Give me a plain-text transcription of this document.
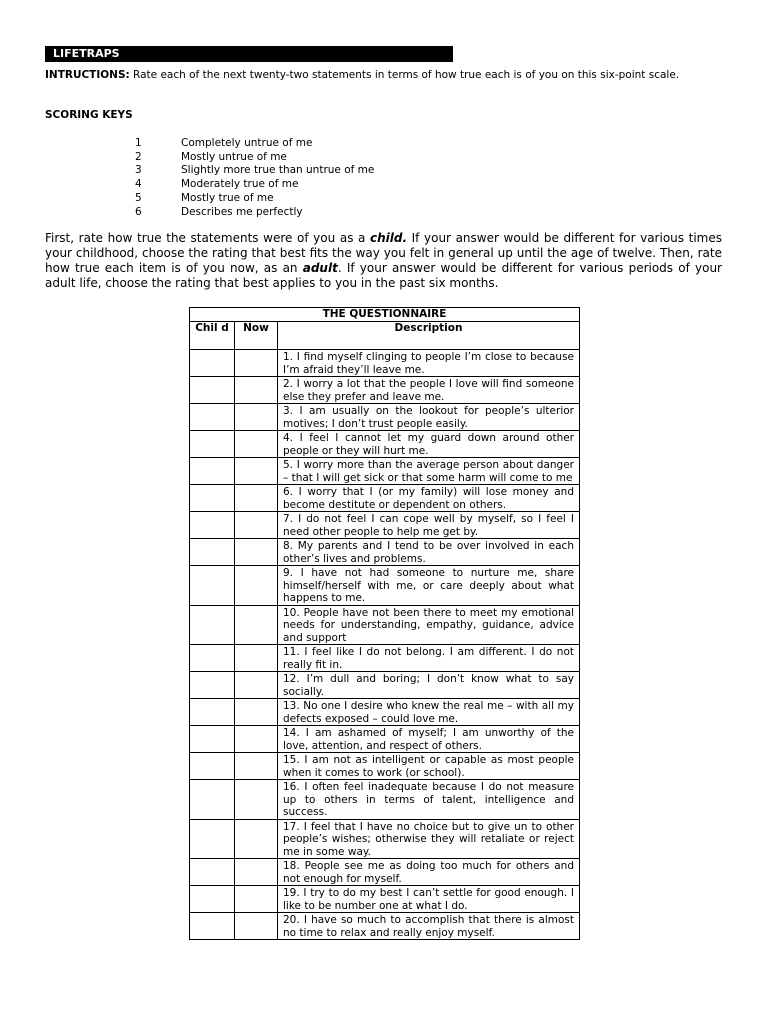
LIFETRAPS
INTRUCTIONS: Rate each of the next twenty-two statements in terms of how true each is of you on this six-point scale.
SCORING KEYS
1	Completely untrue of me
2	Mostly untrue of me
3	Slightly more true than untrue of me
4	Moderately true of me
5	Mostly true of me
6	Describes me perfectly
First, rate how true the statements were of you as a child. If your answer would be different for various times your childhood, choose the rating that best fits the way you felt in general up until the age of twelve. Then, rate how true each item is of you now, as an adult. If your answer would be different for various periods of your adult life, choose the rating that best applies to you in the past six months.
THE QUESTIONNAIRE		
Chil d	Now	Description
		1. I find myself clinging to people I’m close to because I’m afraid they’ll leave me.
		2. I worry a lot that the people I love will find someone else they prefer and leave me.
		3. I am usually on the lookout for people’s ulterior motives; I don’t trust people easily.
		4. I feel I cannot let my guard down around other people or they will hurt me.
		5. I worry more than the average person about danger – that I will get sick or that some harm will come to me
		6. I worry that I (or my family) will lose money and become destitute or dependent on others.
		7. I do not feel I can cope well by myself, so I feel I need other people to help me get by.
		8. My parents and I tend to be over involved in each other’s lives and problems.
		9. I have not had someone to nurture me, share himself/herself with me, or care deeply about what happens to me.
		10. People have not been there to meet my emotional needs for understanding, empathy, guidance, advice and support
		11. I feel like I do not belong. I am different. I do not really fit in.
		12. I’m dull and boring; I don’t know what to say socially.
		13. No one I desire who knew the real me – with all my defects exposed – could love me.
		14. I am ashamed of myself; I am unworthy of the love, attention, and respect of others.
		15. I am not as intelligent or capable as most people when it comes to work (or school).
		16. I often feel inadequate because I do not measure up to others in terms of talent, intelligence and success.
		17. I feel that I have no choice but to give un to other people’s wishes; otherwise they will retaliate or reject me in some way.
		18. People see me as doing too much for others and not enough for myself.
		19. I try to do my best I can’t settle for good enough. I like to be number one at what I do.
		20. I have so much to accomplish that there is almost no time to relax and really enjoy myself.
